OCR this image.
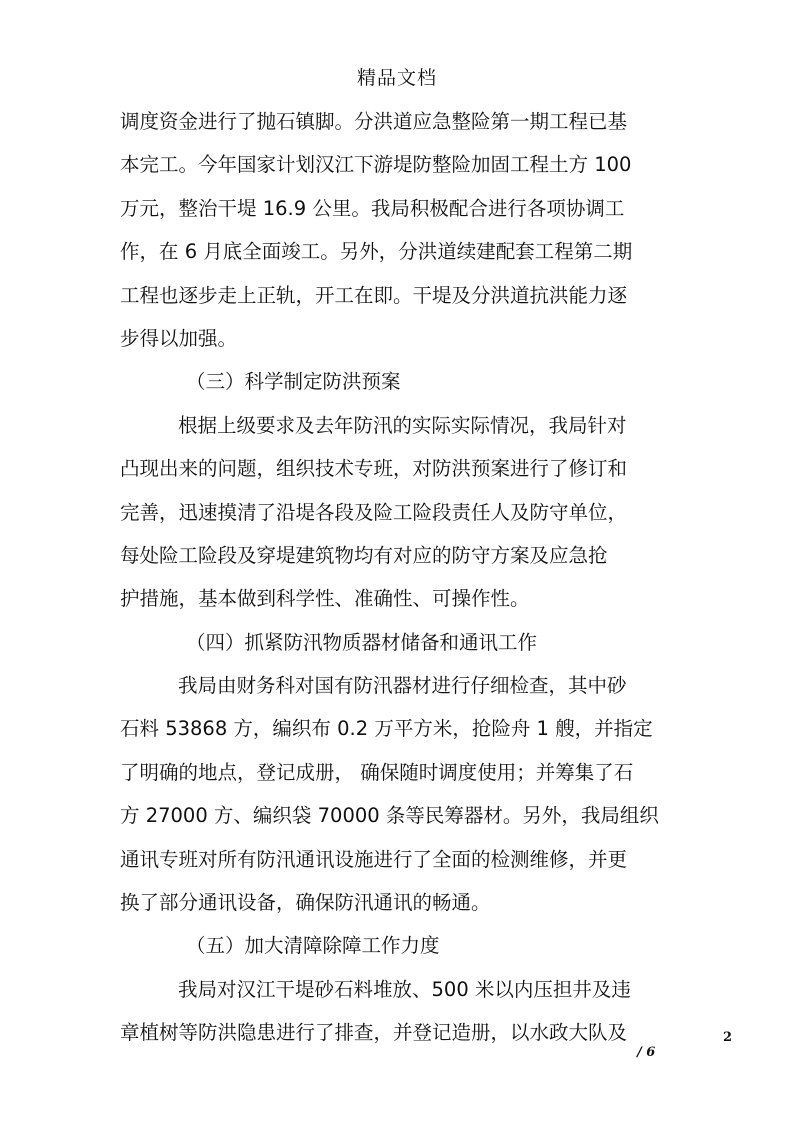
精品文档
调度资金进行了抛石镇脚。分洪道应急整险第一期工程已基
本完工。今年国家计划汉江下游堤防整险加固工程土方 100
万元，整治干堤 16.9 公里。我局积极配合进行各项协调工
作，在 6 月底全面竣工。另外，分洪道续建配套工程第二期
工程也逐步走上正轨，开工在即。干堤及分洪道抗洪能力逐
步得以加强。
（三）科学制定防洪预案
根据上级要求及去年防汛的实际实际情况，我局针对
凸现出来的问题，组织技术专班，对防洪预案进行了修订和
完善，迅速摸清了沿堤各段及险工险段责任人及防守单位，
每处险工险段及穿堤建筑物均有对应的防守方案及应急抢
护措施，基本做到科学性、准确性、可操作性。
（四）抓紧防汛物质器材储备和通讯工作
我局由财务科对国有防汛器材进行仔细检查，其中砂
石料 53868 方，编织布 0.2 万平方米，抢险舟 1 艘，并指定
了明确的地点，登记成册， 确保随时调度使用；并筹集了石
方 27000 方、编织袋 70000 条等民筹器材。另外，我局组织
通讯专班对所有防汛通讯设施进行了全面的检测维修，并更
换了部分通讯设备，确保防汛通讯的畅通。
（五）加大清障除障工作力度
我局对汉江干堤砂石料堆放、500 米以内压担井及违
章植树等防洪隐患进行了排查，并登记造册，以水政大队及	2
/ 6
